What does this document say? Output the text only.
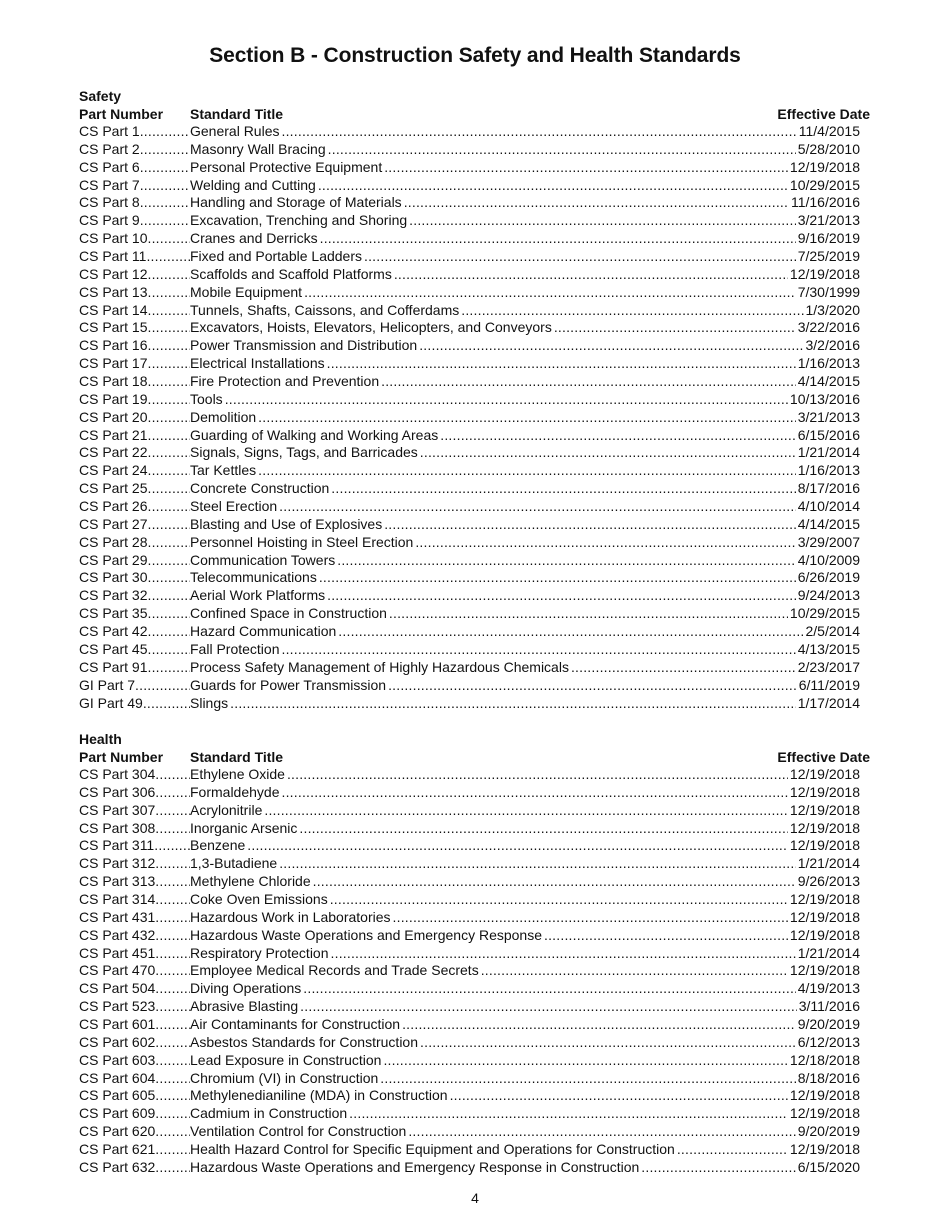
Section B - Construction Safety and Health Standards
Safety
Part Number Standard Title	Effective Date
CS Part 1 .....	General Rules .....	11/4/2015
CS Part 2 .....	Masonry Wall Bracing .....	5/28/2010
CS Part 6 .....	Personal Protective Equipment .....	12/19/2018
CS Part 7 .....	Welding and Cutting .....	10/29/2015
CS Part 8 .....	Handling and Storage of Materials .....	11/16/2016
CS Part 9 .....	Excavation, Trenching and Shoring .....	3/21/2013
CS Part 10 .....	Cranes and Derricks .....	9/16/2019
CS Part 11 .....	Fixed and Portable Ladders .....	7/25/2019
CS Part 12 .....	Scaffolds and Scaffold Platforms .....	12/19/2018
CS Part 13 .....	Mobile Equipment .....	7/30/1999
CS Part 14 .....	Tunnels, Shafts, Caissons, and Cofferdams .....	1/3/2020
CS Part 15 .....	Excavators, Hoists, Elevators, Helicopters, and Conveyors .....	3/22/2016
CS Part 16 .....	Power Transmission and Distribution .....	3/2/2016
CS Part 17 .....	Electrical Installations .....	1/16/2013
CS Part 18 .....	Fire Protection and Prevention .....	4/14/2015
CS Part 19 .....	Tools .....	10/13/2016
CS Part 20 .....	Demolition .....	3/21/2013
CS Part 21 .....	Guarding of Walking and Working Areas .....	6/15/2016
CS Part 22 .....	Signals, Signs, Tags, and Barricades .....	1/21/2014
CS Part 24 .....	Tar Kettles .....	1/16/2013
CS Part 25 .....	Concrete Construction .....	8/17/2016
CS Part 26 .....	Steel Erection .....	4/10/2014
CS Part 27 .....	Blasting and Use of Explosives .....	4/14/2015
CS Part 28 .....	Personnel Hoisting in Steel Erection .....	3/29/2007
CS Part 29 .....	Communication Towers .....	4/10/2009
CS Part 30 .....	Telecommunications .....	6/26/2019
CS Part 32 .....	Aerial Work Platforms .....	9/24/2013
CS Part 35 .....	Confined Space in Construction .....	10/29/2015
CS Part 42 .....	Hazard Communication .....	2/5/2014
CS Part 45 .....	Fall Protection .....	4/13/2015
CS Part 91 .....	Process Safety Management of Highly Hazardous Chemicals .....	2/23/2017
GI Part 7 .....	Guards for Power Transmission .....	6/11/2019
GI Part 49 .....	Slings .....	1/17/2014
Health
Part Number Standard Title	Effective Date
CS Part 304 ..... Ethylene Oxide .....	12/19/2018
CS Part 306 ..... Formaldehyde .....	12/19/2018
CS Part 307 ..... Acrylonitrile .....	12/19/2018
CS Part 308 ..... Inorganic Arsenic .....	12/19/2018
CS Part 311 .....	Benzene .....	12/19/2018
CS Part 312 ..... 1,3-Butadiene .....	1/21/2014
CS Part 313 ..... Methylene Chloride .....	9/26/2013
CS Part 314 ..... Coke Oven Emissions .....	12/19/2018
CS Part 431 ..... Hazardous Work in Laboratories .....	12/19/2018
CS Part 432 ..... Hazardous Waste Operations and Emergency Response .....	12/19/2018
CS Part 451 ..... Respiratory Protection .....	1/21/2014
CS Part 470 ..... Employee Medical Records and Trade Secrets .....	12/19/2018
CS Part 504 ..... Diving Operations .....	4/19/2013
CS Part 523 ..... Abrasive Blasting .....	3/11/2016
CS Part 601 ..... Air Contaminants for Construction .....	9/20/2019
CS Part 602 ..... Asbestos Standards for Construction .....	6/12/2013
CS Part 603 ..... Lead Exposure in Construction .....	12/18/2018
CS Part 604 ..... Chromium (VI) in Construction .....	8/18/2016
CS Part 605 ..... Methylenedianiline (MDA) in Construction .....	12/19/2018
CS Part 609 ..... Cadmium in Construction .....	12/19/2018
CS Part 620 ..... Ventilation Control for Construction .....	9/20/2019
CS Part 621 ..... Health Hazard Control for Specific Equipment and Operations for Construction .....	12/19/2018
CS Part 632 ..... Hazardous Waste Operations and Emergency Response in Construction .....	6/15/2020
4
